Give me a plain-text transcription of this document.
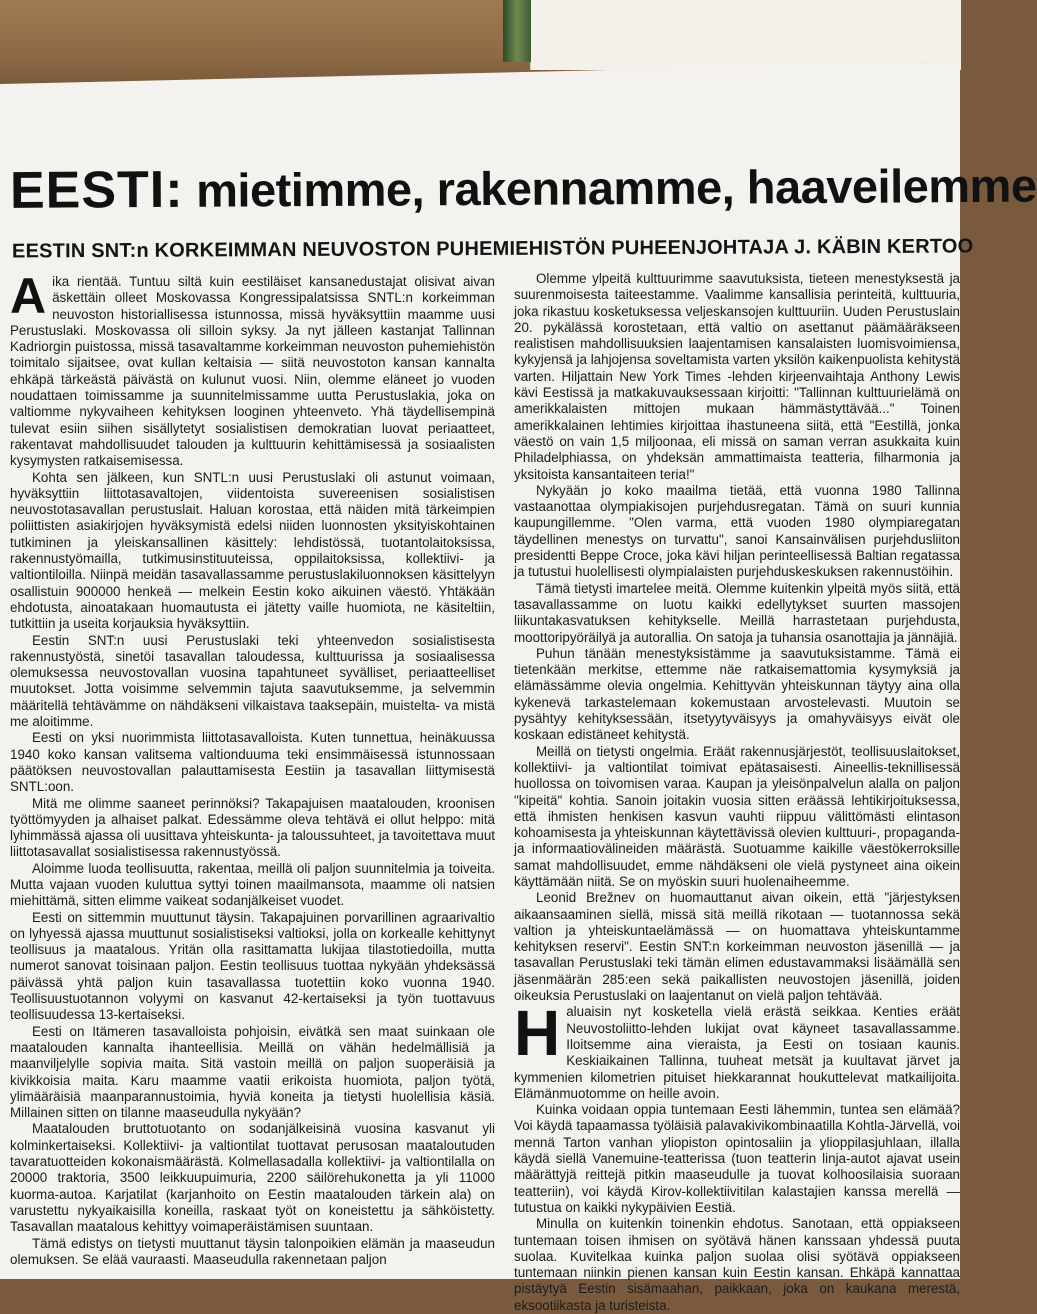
EESTI: mietimme, rakennamme, haaveilemme
EESTIN SNT:n KORKEIMMAN NEUVOSTON PUHEMIEHISTÖN PUHEENJOHTAJA J. KÄBIN KERTOO

Aika rientää. Tuntuu siltä kuin eestiläiset kansanedustajat olisivat aivan äskettäin olleet Moskovassa Kongressipalatsissa SNTL:n korkeimman neuvoston historiallisessa istunnossa, missä hyväksyttiin maamme uusi Perustuslaki. Moskovassa oli silloin syksy. Ja nyt jälleen kastanjat Tallinnan Kadriorgin puistossa, missä tasavaltamme korkeimman neuvoston puhemiehistön toimitalo sijaitsee, ovat kullan keltaisia — siitä neuvostoton kansan kannalta ehkäpä tärkeästä päivästä on kulunut vuosi. Niin, olemme eläneet jo vuoden noudattaen toimissamme ja suunnitelmissamme uutta Perustuslakia, joka on valtiomme nykyvaiheen kehityksen looginen yhteenveto. Yhä täydellisempinä tulevat esiin siihen sisällytetyt sosialistisen demokratian luovat periaatteet, rakentavat mahdollisuudet talouden ja kulttuurin kehittämisessä ja sosiaalisten kysymysten ratkaisemisessa.

Kohta sen jälkeen, kun SNTL:n uusi Perustuslaki oli astunut voimaan, hyväksyttiin liittotasavaltojen, viidentoista suvereenisen sosialistisen neuvostotasavallan perustuslait. Haluan korostaa, että näiden mitä tärkeimpien poliittisten asiakirjojen hyväksymistä edelsi niiden luonnosten yksityiskohtainen tutkiminen ja yleiskansallinen käsittely: lehdistössä, tuotantolaitoksissa, rakennustyömailla, tutkimusinstituuteissa, oppilaitoksissa, kollektiivi- ja valtiontiloilla. Niinpä meidän tasavallassamme perustuslakiluonnoksen käsittelyyn osallistuin 900000 henkeä — melkein Eestin koko aikuinen väestö. Yhtäkään ehdotusta, ainoatakaan huomautusta ei jätetty vaille huomiota, ne käsiteltiin, tutkittiin ja useita korjauksia hyväksyttiin.

Eestin SNT:n uusi Perustuslaki teki yhteenvedon sosialistisesta rakennustyöstä, sinetöi tasavallan taloudessa, kulttuurissa ja sosiaalisessa olemuksessa neuvostovallan vuosina tapahtuneet syvälliset, periaatteelliset muutokset. Jotta voisimme selvemmin tajuta saavutuksemme, ja selvemmin määritellä tehtävämme on nähdäkseni vilkaistava taaksepäin, muistelta- va mistä me aloitimme.

Eesti on yksi nuorimmista liittotasavalloista. Kuten tunnettua, heinäkuussa 1940 koko kansan valitsema valtionduuma teki ensimmäisessä istunnossaan päätöksen neuvostovallan palauttamisesta Eestiin ja tasavallan liittymisestä SNTL:oon.

Mitä me olimme saaneet perinnöksi? Takapajuisen maatalouden, kroonisen työttömyyden ja alhaiset palkat. Edessämme oleva tehtävä ei ollut helppo: mitä lyhimmässä ajassa oli uusittava yhteiskunta- ja taloussuhteet, ja tavoitettava muut liittotasavallat sosialistisessa rakennustyössä.

Aloimme luoda teollisuutta, rakentaa, meillä oli paljon suunnitelmia ja toiveita. Mutta vajaan vuoden kuluttua syttyi toinen maailmansota, maamme oli natsien miehittämä, sitten elimme vaikeat sodanjälkeiset vuodet.

Eesti on sittemmin muuttunut täysin. Takapajuinen porvarillinen agraarivaltio on lyhyessä ajassa muuttunut sosialistiseksi valtioksi, jolla on korkealle kehittynyt teollisuus ja maatalous. Yritän olla rasittamatta lukijaa tilastotiedoilla, mutta numerot sanovat toisinaan paljon. Eestin teollisuus tuottaa nykyään yhdeksässä päivässä yhtä paljon kuin tasavallassa tuotettiin koko vuonna 1940. Teollisuustuotannon volyymi on kasvanut 42-kertaiseksi ja työn tuottavuus teollisuudessa 13-kertaiseksi.

Eesti on Itämeren tasavalloista pohjoisin, eivätkä sen maat suinkaan ole maatalouden kannalta ihanteellisia. Meillä on vähän hedelmällisiä ja maanviljelylle sopivia maita. Sitä vastoin meillä on paljon suoperäisiä ja kivikkoisia maita. Karu maamme vaatii erikoista huomiota, paljon työtä, ylimääräisiä maanparannustoimia, hyviä koneita ja tietysti huolellisia käsiä. Millainen sitten on tilanne maaseudulla nykyään?

Maatalouden bruttotuotanto on sodanjälkeisinä vuosina kasvanut yli kolminkertaiseksi. Kollektiivi- ja valtiontilat tuottavat perusosan maataloutuden tavaratuotteiden kokonaismäärästä. Kolmellasadalla kollektiivi- ja valtiontilalla on 20000 traktoria, 3500 leikkuupuimuria, 2200 säilörehukonetta ja yli 11000 kuorma-autoa. Karjatilat (karjanhoito on Eestin maatalouden tärkein ala) on varustettu nykyaikaisilla koneilla, raskaat työt on koneistettu ja sähköistetty. Tasavallan maatalous kehittyy voimaperäistämisen suuntaan.

Tämä edistys on tietysti muuttanut täysin talonpoikien elämän ja maaseudun olemuksen. Se elää vauraasti. Maaseudulla rakennetaan paljon

Olemme ylpeitä kulttuurimme saavutuksista, tieteen menestyksestä ja suurenmoisesta taiteestamme. Vaalimme kansallisia perinteitä, kulttuuria, joka rikastuu kosketuksessa veljeskansojen kulttuuriin. Uuden Perustuslain 20. pykälässä korostetaan, että valtio on asettanut päämääräkseen realistisen mahdollisuuksien laajentamisen kansalaisten luomisvoimiensa, kykyjensä ja lahjojensa soveltamista varten yksilön kaikenpuolista kehitystä varten. Hiljattain New York Times -lehden kirjeenvaihtaja Anthony Lewis kävi Eestissä ja matkakuvauksessaan kirjoitti: "Tallinnan kulttuurielämä on amerikkalaisten mittojen mukaan hämmästyttävää..." Toinen amerikkalainen lehtimies kirjoittaa ihastuneena siitä, että "Eestillä, jonka väestö on vain 1,5 miljoonaa, eli missä on saman verran asukkaita kuin Philadelphiassa, on yhdeksän ammattimaista teatteria, filharmonia ja yksitoista kansantaiteen teria!"

Nykyään jo koko maailma tietää, että vuonna 1980 Tallinna vastaanottaa olympiakisojen purjehdusregatan. Tämä on suuri kunnia kaupungillemme. "Olen varma, että vuoden 1980 olympiaregatan täydellinen menestys on turvattu", sanoi Kansainvälisen purjehdusliiton presidentti Beppe Croce, joka kävi hiljan perinteellisessä Baltian regatassa ja tutustui huolellisesti olympialaisten purjehduskeskuksen rakennustöihin.

Tämä tietysti imartelee meitä. Olemme kuitenkin ylpeitä myös siitä, että tasavallassamme on luotu kaikki edellytykset suurten massojen liikuntakasvatuksen kehitykselle. Meillä harrastetaan purjehdusta, moottoripyöräilyä ja autorallia. On satoja ja tuhansia osanottajia ja jännäjiä.

Puhun tänään menestyksistämme ja saavutuksistamme. Tämä ei tietenkään merkitse, ettemme näe ratkaisemattomia kysymyksiä ja elämässämme olevia ongelmia. Kehittyvän yhteiskunnan täytyy aina olla kykenevä tarkastelemaan kokemustaan arvostelevasti. Muutoin se pysähtyy kehityksessään, itsetyytyväisyys ja omahyväisyys eivät ole koskaan edistäneet kehitystä.

Meillä on tietysti ongelmia. Eräät rakennusjärjestöt, teollisuuslaitokset, kollektiivi- ja valtiontilat toimivat epätasaisesti. Aineellis-teknillisessä huollossa on toivomisen varaa. Kaupan ja yleisönpalvelun alalla on paljon "kipeitä" kohtia. Sanoin joitakin vuosia sitten eräässä lehtikirjoituksessa, että ihmisten henkisen kasvun vauhti riippuu välittömästi elintason kohoamisesta ja yhteiskunnan käytettävissä olevien kulttuuri-, propaganda- ja informaatiovälineiden määrästä. Suotuamme kaikille väestökerroksille samat mahdollisuudet, emme nähdäkseni ole vielä pystyneet aina oikein käyttämään niitä. Se on myöskin suuri huolenaiheemme.

Leonid Brežnev on huomauttanut aivan oikein, että "järjestyksen aikaansaaminen siellä, missä sitä meillä rikotaan — tuotannossa sekä valtion ja yhteiskuntaelämässä — on huomattava yhteiskuntamme kehityksen reservi". Eestin SNT:n korkeimman neuvoston jäsenillä — ja tasavallan Perustuslaki teki tämän elimen edustavammaksi lisäämällä sen jäsenmäärän 285:een sekä paikallisten neuvostojen jäsenillä, joiden oikeuksia Perustuslaki on laajentanut on vielä paljon tehtävää.

Haluaisin nyt kosketella vielä erästä seikkaa. Kenties eräät Neuvostoliitto-lehden lukijat ovat käyneet tasavallassamme. Iloitsemme aina vieraista, ja Eesti on tosiaan kaunis. Keskiaikainen Tallinna, tuuheat metsät ja kuultavat järvet ja kymmenien kilometrien pituiset hiekkarannat houkuttelevat matkailijoita. Elämänmuotomme on heille avoin.

Kuinka voidaan oppia tuntemaan Eesti lähemmin, tuntea sen elämää? Voi käydä tapaamassa työläisiä palavakivikombinaatilla Kohtla-Järvellä, voi mennä Tarton vanhan yliopiston opintosaliin ja ylioppilasjuhlaan, illalla käydä siellä Vanemuine-teatterissa (tuon teatterin linja-autot ajavat usein määrättyjä reittejä pitkin maaseudulle ja tuovat kolhoosilaisia suoraan teatteriin), voi käydä Kirov-kollektiivitilan kalastajien kanssa merellä — tutustua on kaikki nykypäivien Eestiä.

Minulla on kuitenkin toinenkin ehdotus. Sanotaan, että oppiakseen tuntemaan toisen ihmisen on syötävä hänen kanssaan yhdessä puuta suolaa. Kuvitelkaa kuinka paljon suolaa olisi syötävä oppiakseen tuntemaan niinkin pienen kansan kuin Eestin kansan. Ehkäpä kannattaa pistäytyä Eestin sisämaahan, paikkaan, joka on kaukana merestä, eksootiikasta ja turisteista.
